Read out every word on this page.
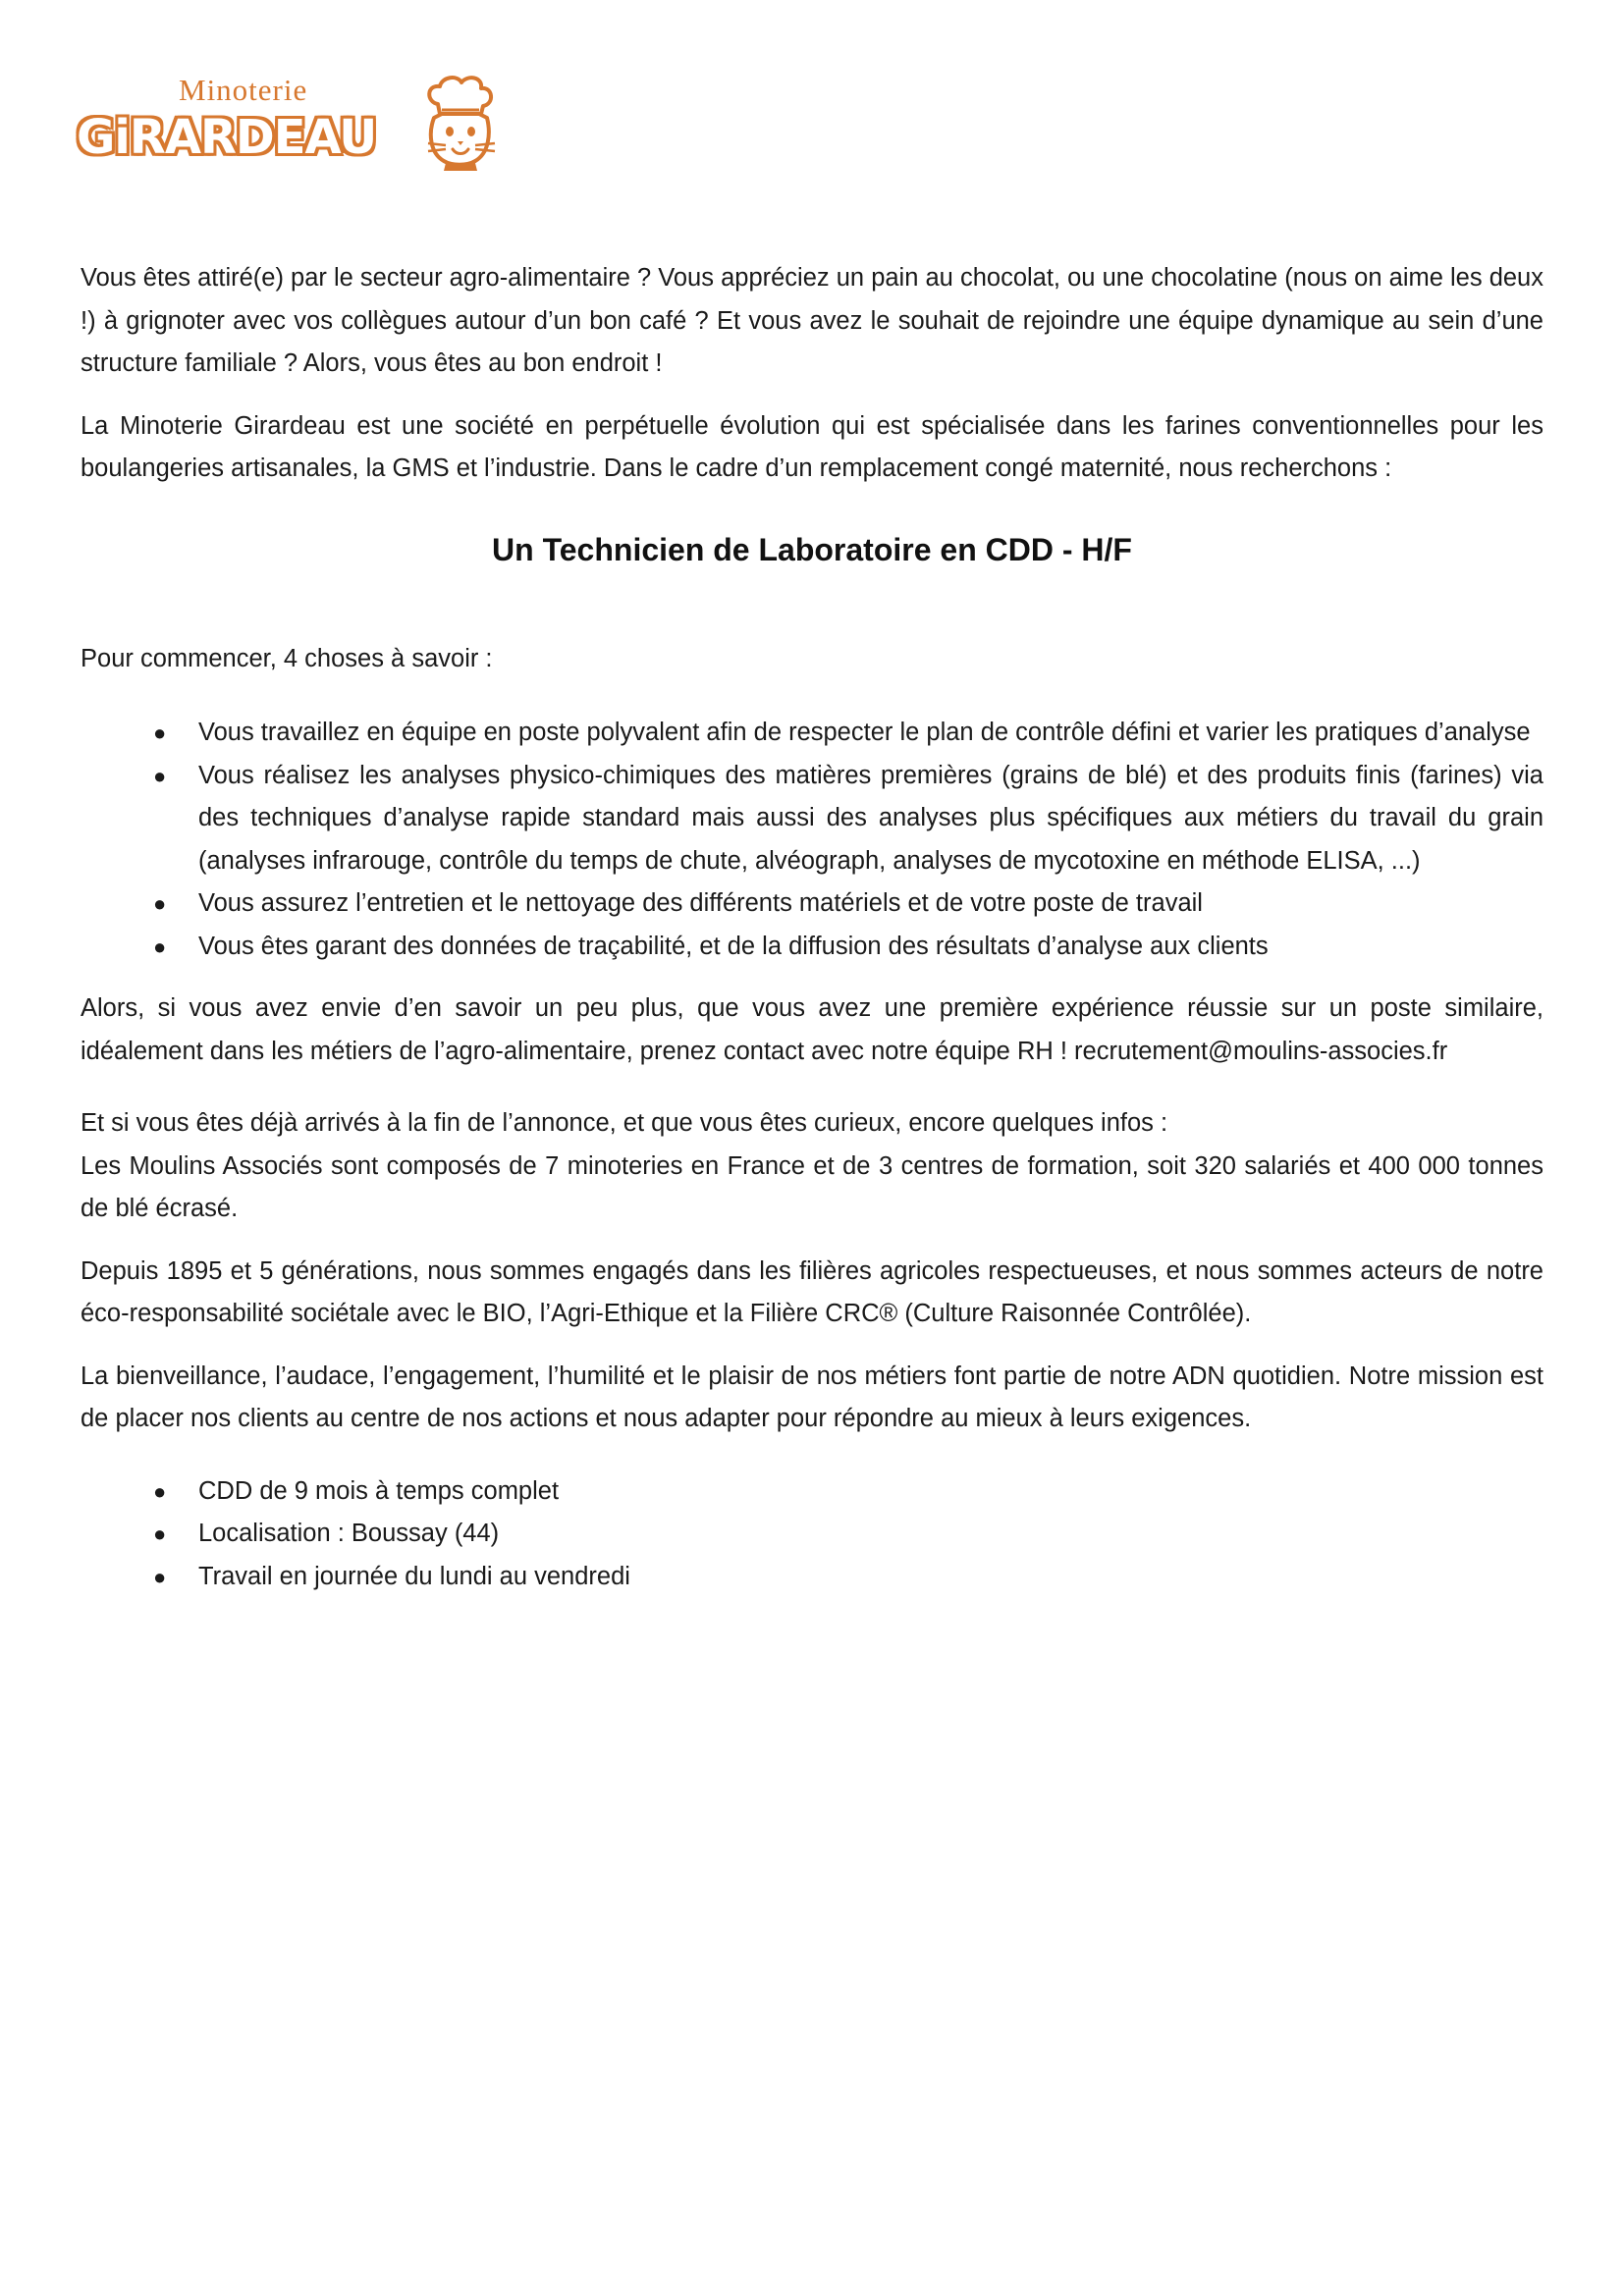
Minoterie
GiRARDEAU

Vous êtes attiré(e) par le secteur agro-alimentaire ? Vous appréciez un pain au chocolat, ou une chocolatine (nous on aime les deux !) à grignoter avec vos collègues autour d’un bon café ? Et vous avez le souhait de rejoindre une équipe dynamique au sein d’une structure familiale ? Alors, vous êtes au bon endroit !

La Minoterie Girardeau est une société en perpétuelle évolution qui est spécialisée dans les farines conventionnelles pour les boulangeries artisanales, la GMS et l’industrie. Dans le cadre d’un remplacement congé maternité, nous recherchons :

Un Technicien de Laboratoire en CDD - H/F

Pour commencer, 4 choses à savoir :

● Vous travaillez en équipe en poste polyvalent afin de respecter le plan de contrôle défini et varier les pratiques d’analyse
● Vous réalisez les analyses physico-chimiques des matières premières (grains de blé) et des produits finis (farines) via des techniques d’analyse rapide standard mais aussi des analyses plus spécifiques aux métiers du travail du grain (analyses infrarouge, contrôle du temps de chute, alvéograph, analyses de mycotoxine en méthode ELISA, ...)
● Vous assurez l’entretien et le nettoyage des différents matériels et de votre poste de travail
● Vous êtes garant des données de traçabilité, et de la diffusion des résultats d’analyse aux clients

Alors, si vous avez envie d’en savoir un peu plus, que vous avez une première expérience réussie sur un poste similaire, idéalement dans les métiers de l’agro-alimentaire, prenez contact avec notre équipe RH ! recrutement@moulins-associes.fr

Et si vous êtes déjà arrivés à la fin de l’annonce, et que vous êtes curieux, encore quelques infos :
Les Moulins Associés sont composés de 7 minoteries en France et de 3 centres de formation, soit 320 salariés et 400 000 tonnes de blé écrasé.

Depuis 1895 et 5 générations, nous sommes engagés dans les filières agricoles respectueuses, et nous sommes acteurs de notre éco-responsabilité sociétale avec le BIO, l’Agri-Ethique et la Filière CRC® (Culture Raisonnée Contrôlée).

La bienveillance, l’audace, l’engagement, l’humilité et le plaisir de nos métiers font partie de notre ADN quotidien. Notre mission est de placer nos clients au centre de nos actions et nous adapter pour répondre au mieux à leurs exigences.

● CDD de 9 mois à temps complet
● Localisation : Boussay (44)
● Travail en journée du lundi au vendredi
